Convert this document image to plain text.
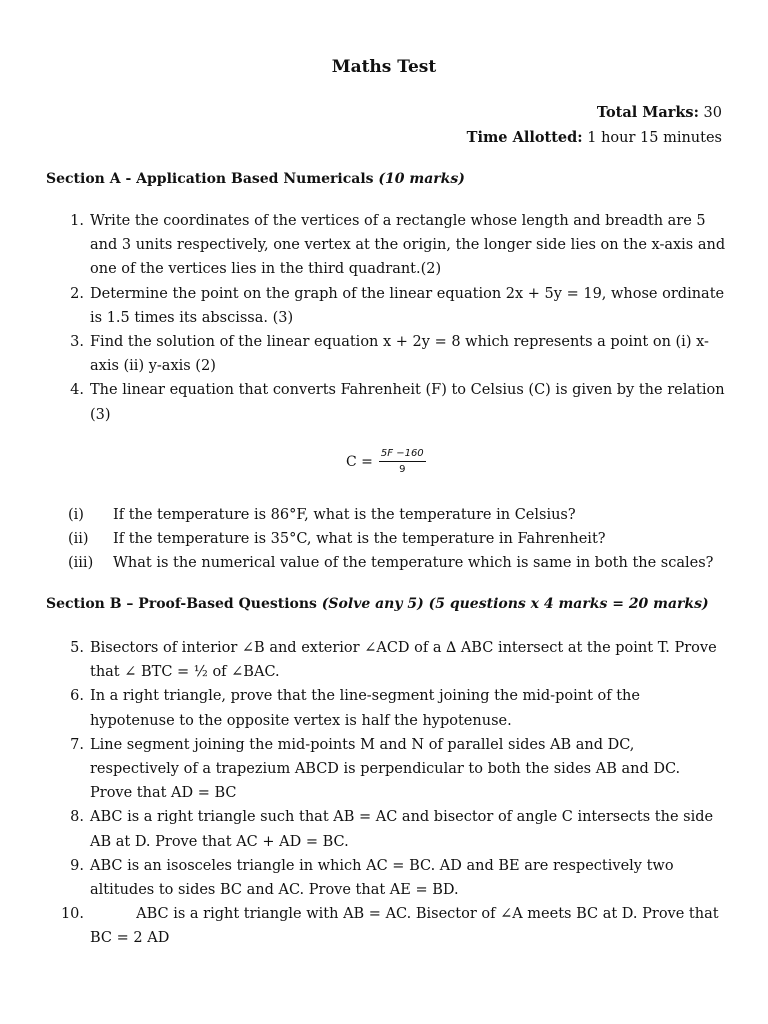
Maths Test
Total Marks: 30
Time Allotted: 1 hour 15 minutes
Section A - Application Based Numericals (10 marks)
1. Write the coordinates of the vertices of a rectangle whose length and breadth are 5 and 3 units respectively, one vertex at the origin, the longer side lies on the x-axis and one of the vertices lies in the third quadrant.(2)
2. Determine the point on the graph of the linear equation 2x + 5y = 19, whose ordinate is 1.5 times its abscissa. (3)
3. Find the solution of the linear equation x + 2y = 8 which represents a point on (i) x-axis (ii) y-axis (2)
4. The linear equation that converts Fahrenheit (F) to Celsius (C) is given by the relation (3)
$C = \frac{5F -160}{9}$
(i)	If the temperature is 86°F, what is the temperature in Celsius?
(ii)	If the temperature is 35°C, what is the temperature in Fahrenheit?
(iii)	What is the numerical value of the temperature which is same in both the scales?
Section B – Proof-Based Questions (Solve any 5) (5 questions x 4 marks = 20 marks)
5. Bisectors of interior ∠B and exterior ∠ACD of a ∆ ABC intersect at the point T. Prove that ∠ BTC = ½ of ∠BAC.
6. In a right triangle, prove that the line-segment joining the mid-point of the hypotenuse to the opposite vertex is half the hypotenuse.
7. Line segment joining the mid-points M and N of parallel sides AB and DC, respectively of a trapezium ABCD is perpendicular to both the sides AB and DC. Prove that AD = BC
8. ABC is a right triangle such that AB = AC and bisector of angle C intersects the side AB at D. Prove that AC + AD = BC.
9. ABC is an isosceles triangle in which AC = BC. AD and BE are respectively two altitudes to sides BC and AC. Prove that AE = BD.
10. ABC is a right triangle with AB = AC. Bisector of ∠A meets BC at D. Prove that BC = 2 AD
